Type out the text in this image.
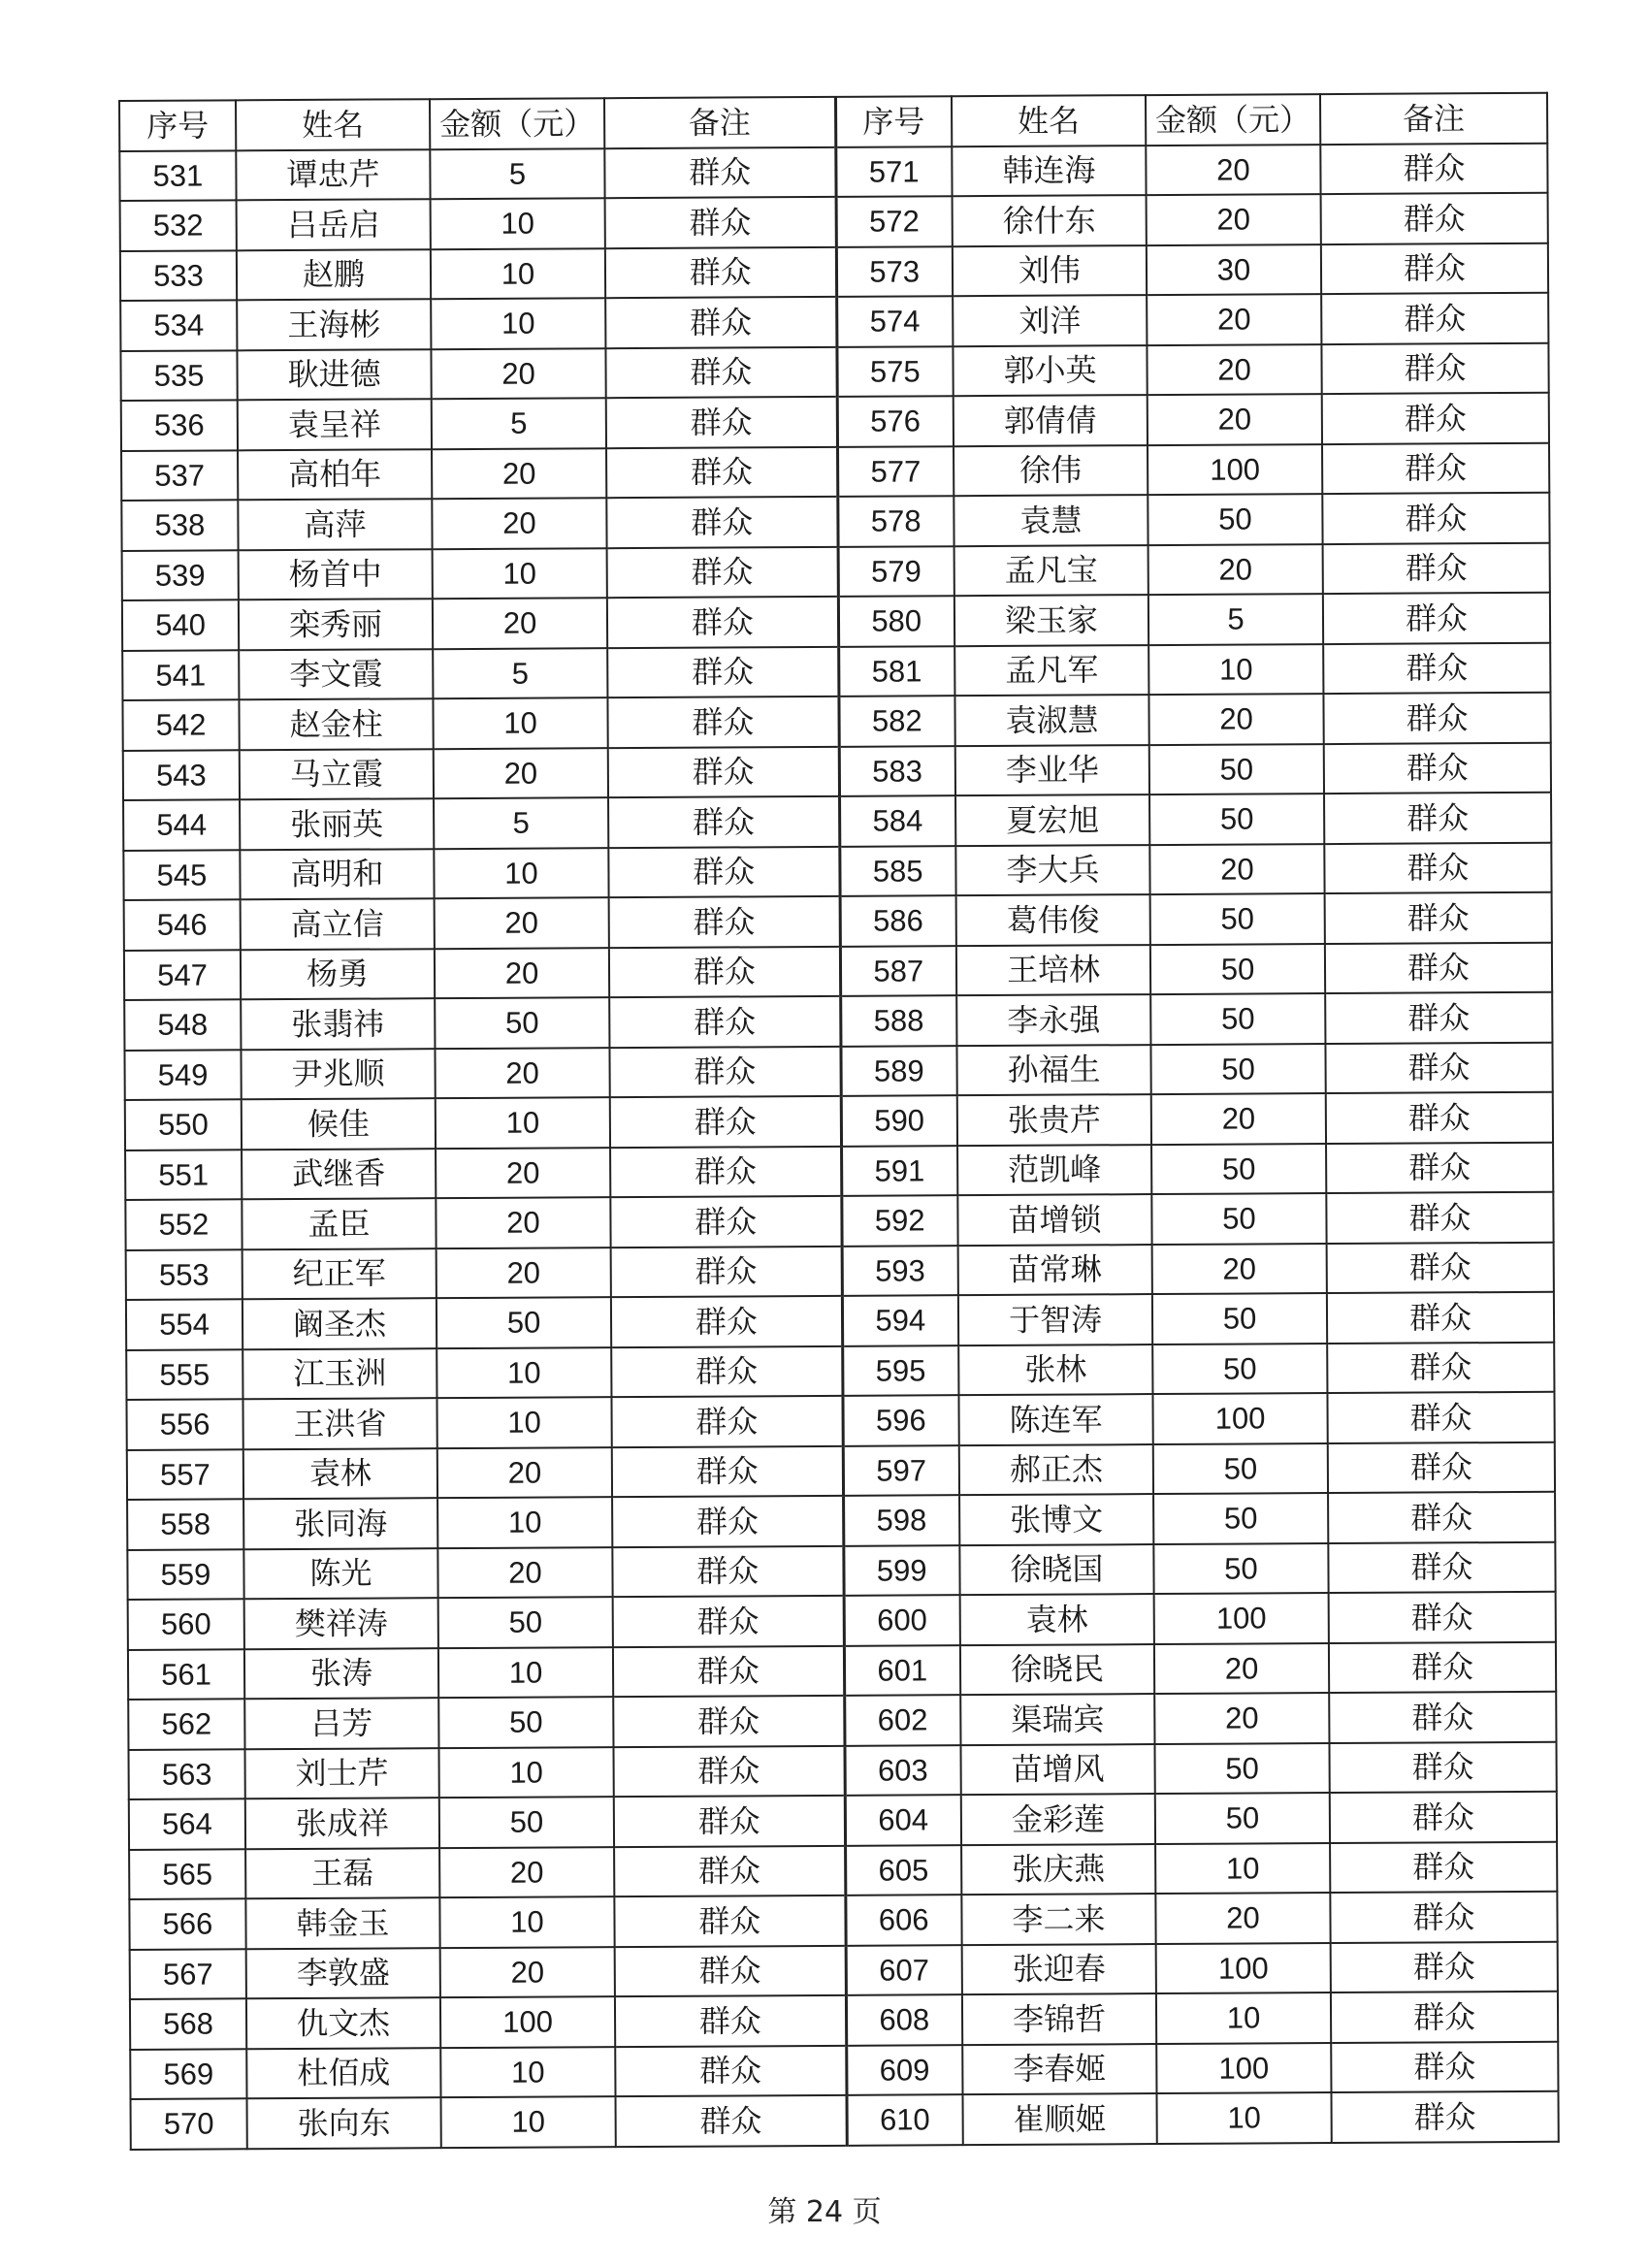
序号	姓名	金额（元）	备注	序号	姓名	金额（元）	备注
531	谭忠芹	5	群众	571	韩连海	20	群众
532	吕岳启	10	群众	572	徐什东	20	群众
533	赵鹏	10	群众	573	刘伟	30	群众
534	王海彬	10	群众	574	刘洋	20	群众
535	耿进德	20	群众	575	郭小英	20	群众
536	袁呈祥	5	群众	576	郭倩倩	20	群众
537	高柏年	20	群众	577	徐伟	100	群众
538	高萍	20	群众	578	袁慧	50	群众
539	杨首中	10	群众	579	孟凡宝	20	群众
540	栾秀丽	20	群众	580	梁玉家	5	群众
541	李文霞	5	群众	581	孟凡军	10	群众
542	赵金柱	10	群众	582	袁淑慧	20	群众
543	马立霞	20	群众	583	李业华	50	群众
544	张丽英	5	群众	584	夏宏旭	50	群众
545	高明和	10	群众	585	李大兵	20	群众
546	高立信	20	群众	586	葛伟俊	50	群众
547	杨勇	20	群众	587	王培林	50	群众
548	张翡祎	50	群众	588	李永强	50	群众
549	尹兆顺	20	群众	589	孙福生	50	群众
550	候佳	10	群众	590	张贵芹	20	群众
551	武继香	20	群众	591	范凯峰	50	群众
552	孟臣	20	群众	592	苗增锁	50	群众
553	纪正军	20	群众	593	苗常琳	20	群众
554	阚圣杰	50	群众	594	于智涛	50	群众
555	江玉洲	10	群众	595	张林	50	群众
556	王洪省	10	群众	596	陈连军	100	群众
557	袁林	20	群众	597	郝正杰	50	群众
558	张同海	10	群众	598	张博文	50	群众
559	陈光	20	群众	599	徐晓国	50	群众
560	樊祥涛	50	群众	600	袁林	100	群众
561	张涛	10	群众	601	徐晓民	20	群众
562	吕芳	50	群众	602	渠瑞宾	20	群众
563	刘士芹	10	群众	603	苗增风	50	群众
564	张成祥	50	群众	604	金彩莲	50	群众
565	王磊	20	群众	605	张庆燕	10	群众
566	韩金玉	10	群众	606	李二来	20	群众
567	李敦盛	20	群众	607	张迎春	100	群众
568	仇文杰	100	群众	608	李锦哲	10	群众
569	杜佰成	10	群众	609	李春姬	100	群众
570	张向东	10	群众	610	崔顺姬	10	群众
第 24 页
